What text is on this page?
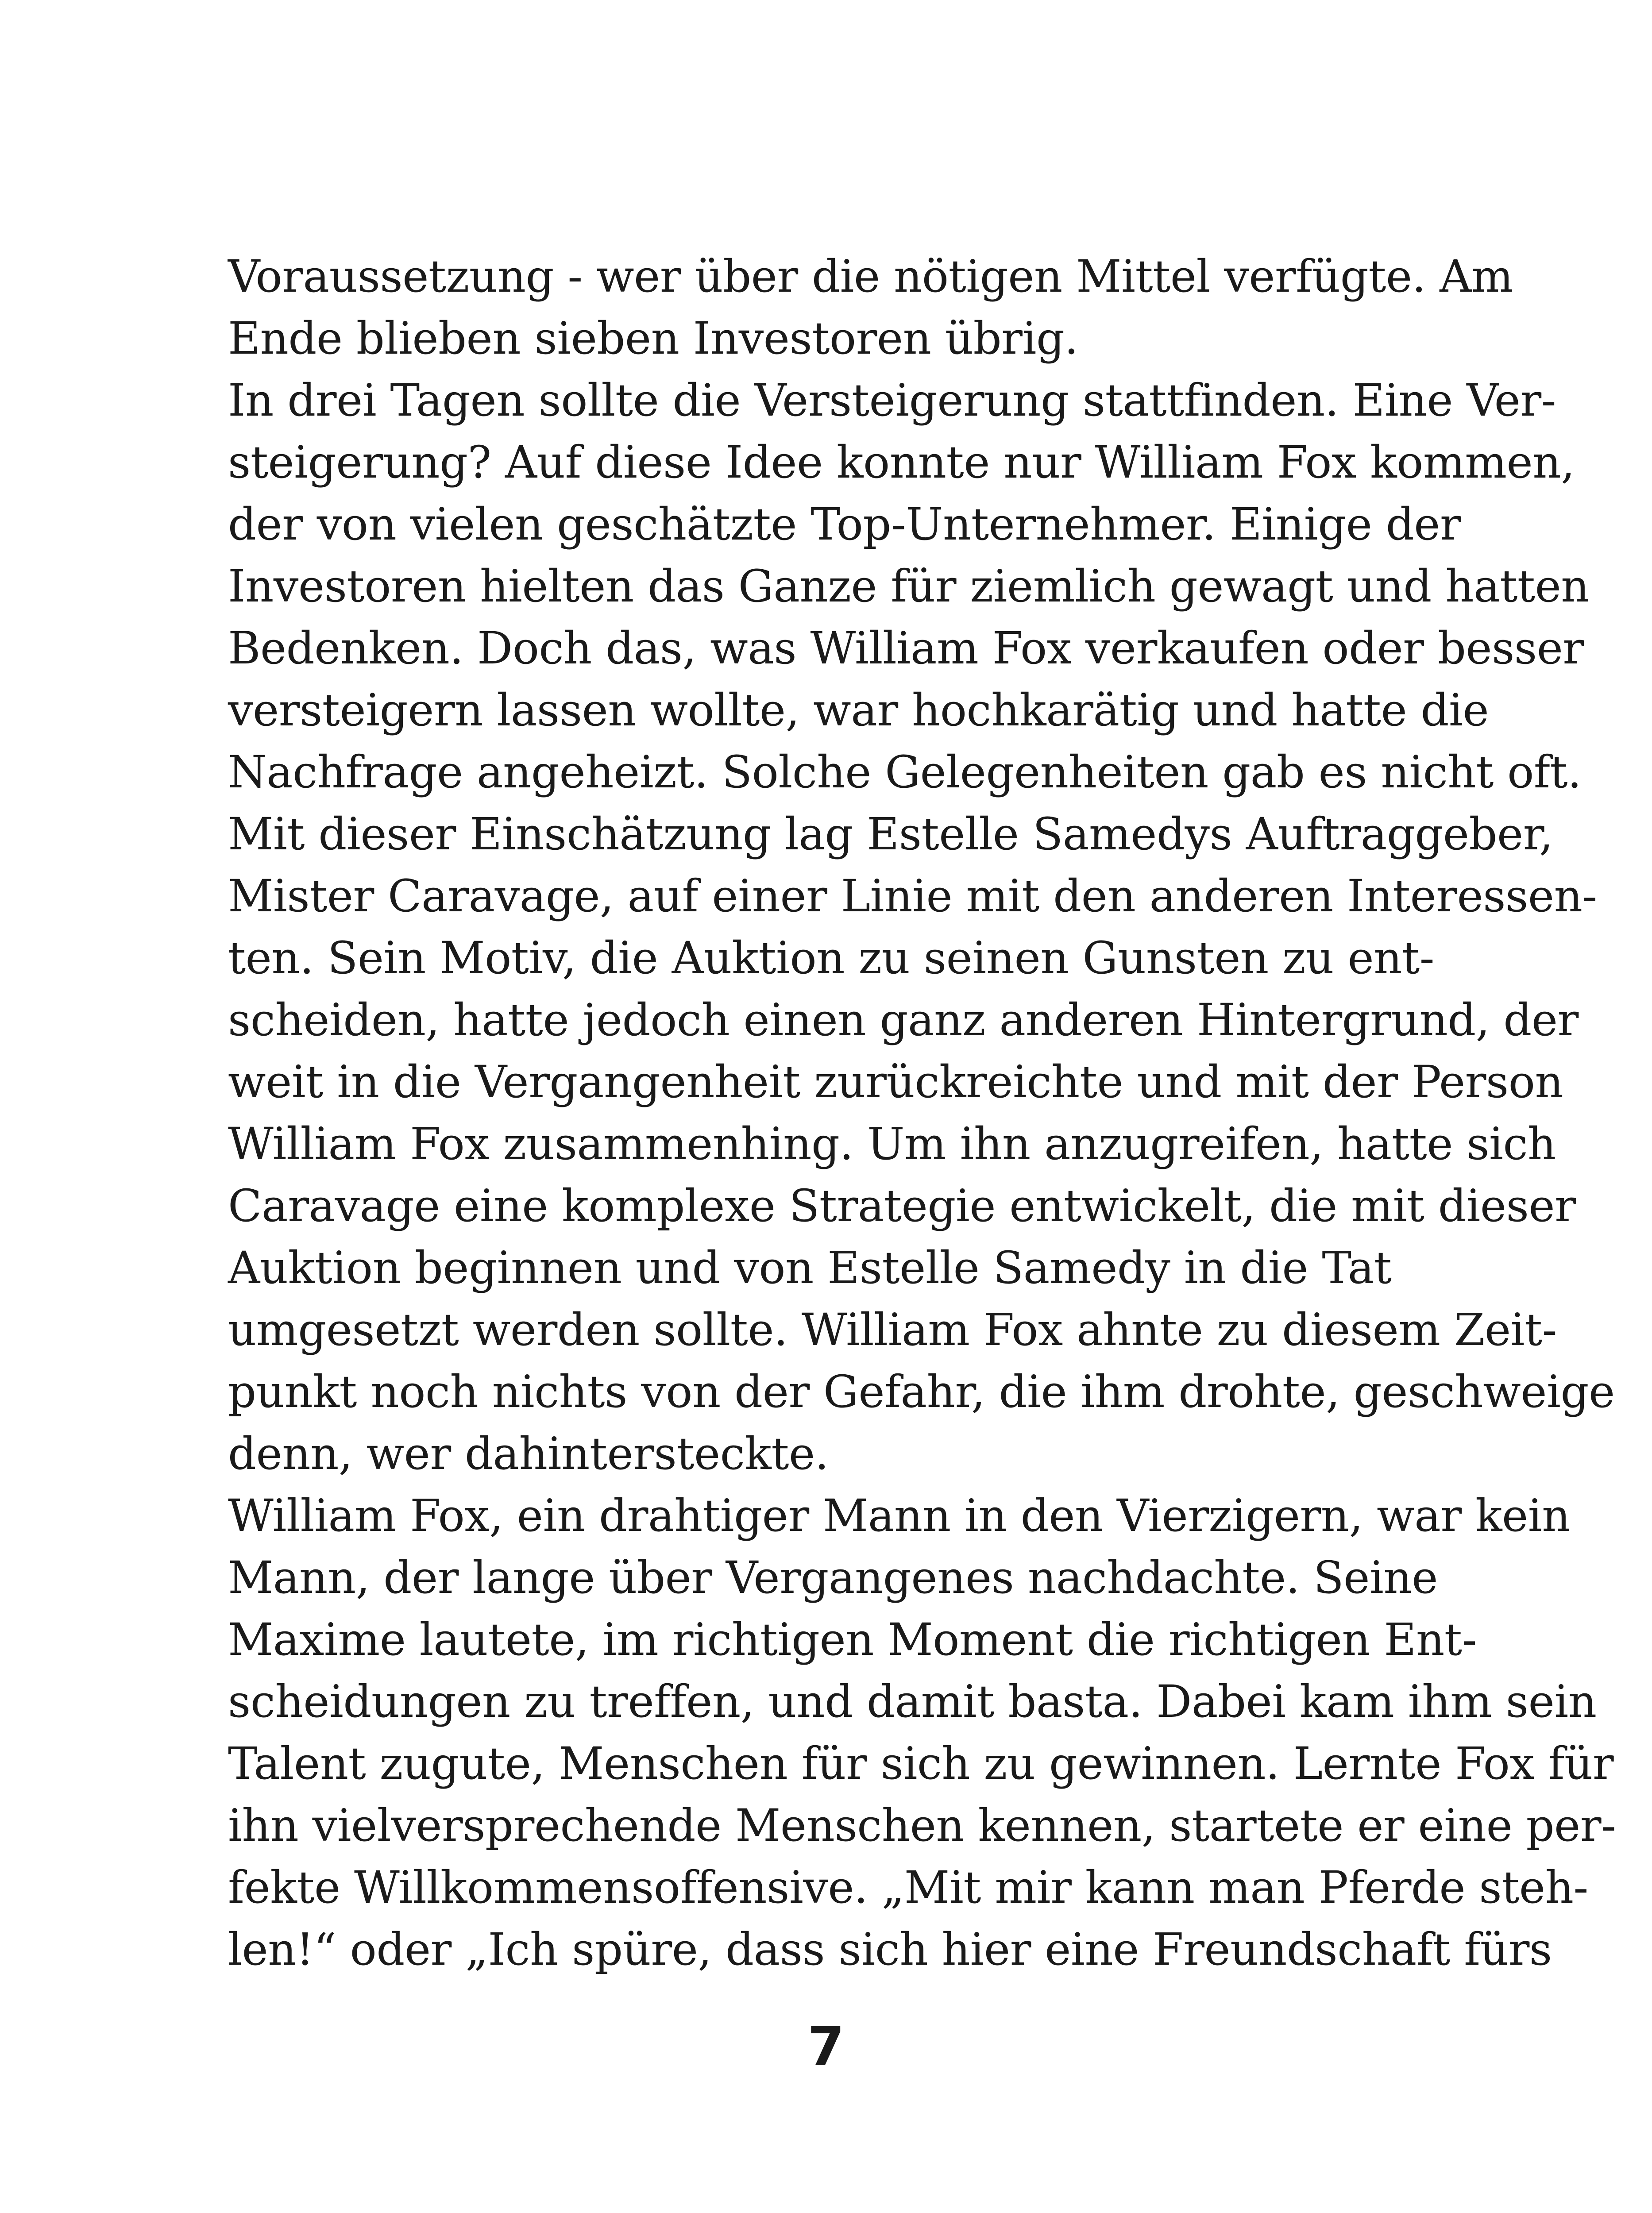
Voraussetzung - wer über die nötigen Mittel verfügte. Am
Ende blieben sieben Investoren übrig.
In drei Tagen sollte die Versteigerung stattfinden. Eine Ver-
steigerung? Auf diese Idee konnte nur William Fox kommen,
der von vielen geschätzte Top-Unternehmer. Einige der
Investoren hielten das Ganze für ziemlich gewagt und hatten
Bedenken. Doch das, was William Fox verkaufen oder besser
versteigern lassen wollte, war hochkarätig und hatte die
Nachfrage angeheizt. Solche Gelegenheiten gab es nicht oft.
Mit dieser Einschätzung lag Estelle Samedys Auftraggeber,
Mister Caravage, auf einer Linie mit den anderen Interessen-
ten. Sein Motiv, die Auktion zu seinen Gunsten zu ent-
scheiden, hatte jedoch einen ganz anderen Hintergrund, der
weit in die Vergangenheit zurückreichte und mit der Person
William Fox zusammenhing. Um ihn anzugreifen, hatte sich
Caravage eine komplexe Strategie entwickelt, die mit dieser
Auktion beginnen und von Estelle Samedy in die Tat
umgesetzt werden sollte. William Fox ahnte zu diesem Zeit-
punkt noch nichts von der Gefahr, die ihm drohte, geschweige
denn, wer dahintersteckte.
William Fox, ein drahtiger Mann in den Vierzigern, war kein
Mann, der lange über Vergangenes nachdachte. Seine
Maxime lautete, im richtigen Moment die richtigen Ent-
scheidungen zu treffen, und damit basta. Dabei kam ihm sein
Talent zugute, Menschen für sich zu gewinnen. Lernte Fox für
ihn vielversprechende Menschen kennen, startete er eine per-
fekte Willkommensoffensive. „Mit mir kann man Pferde steh-
len!“ oder „Ich spüre, dass sich hier eine Freundschaft fürs
7
